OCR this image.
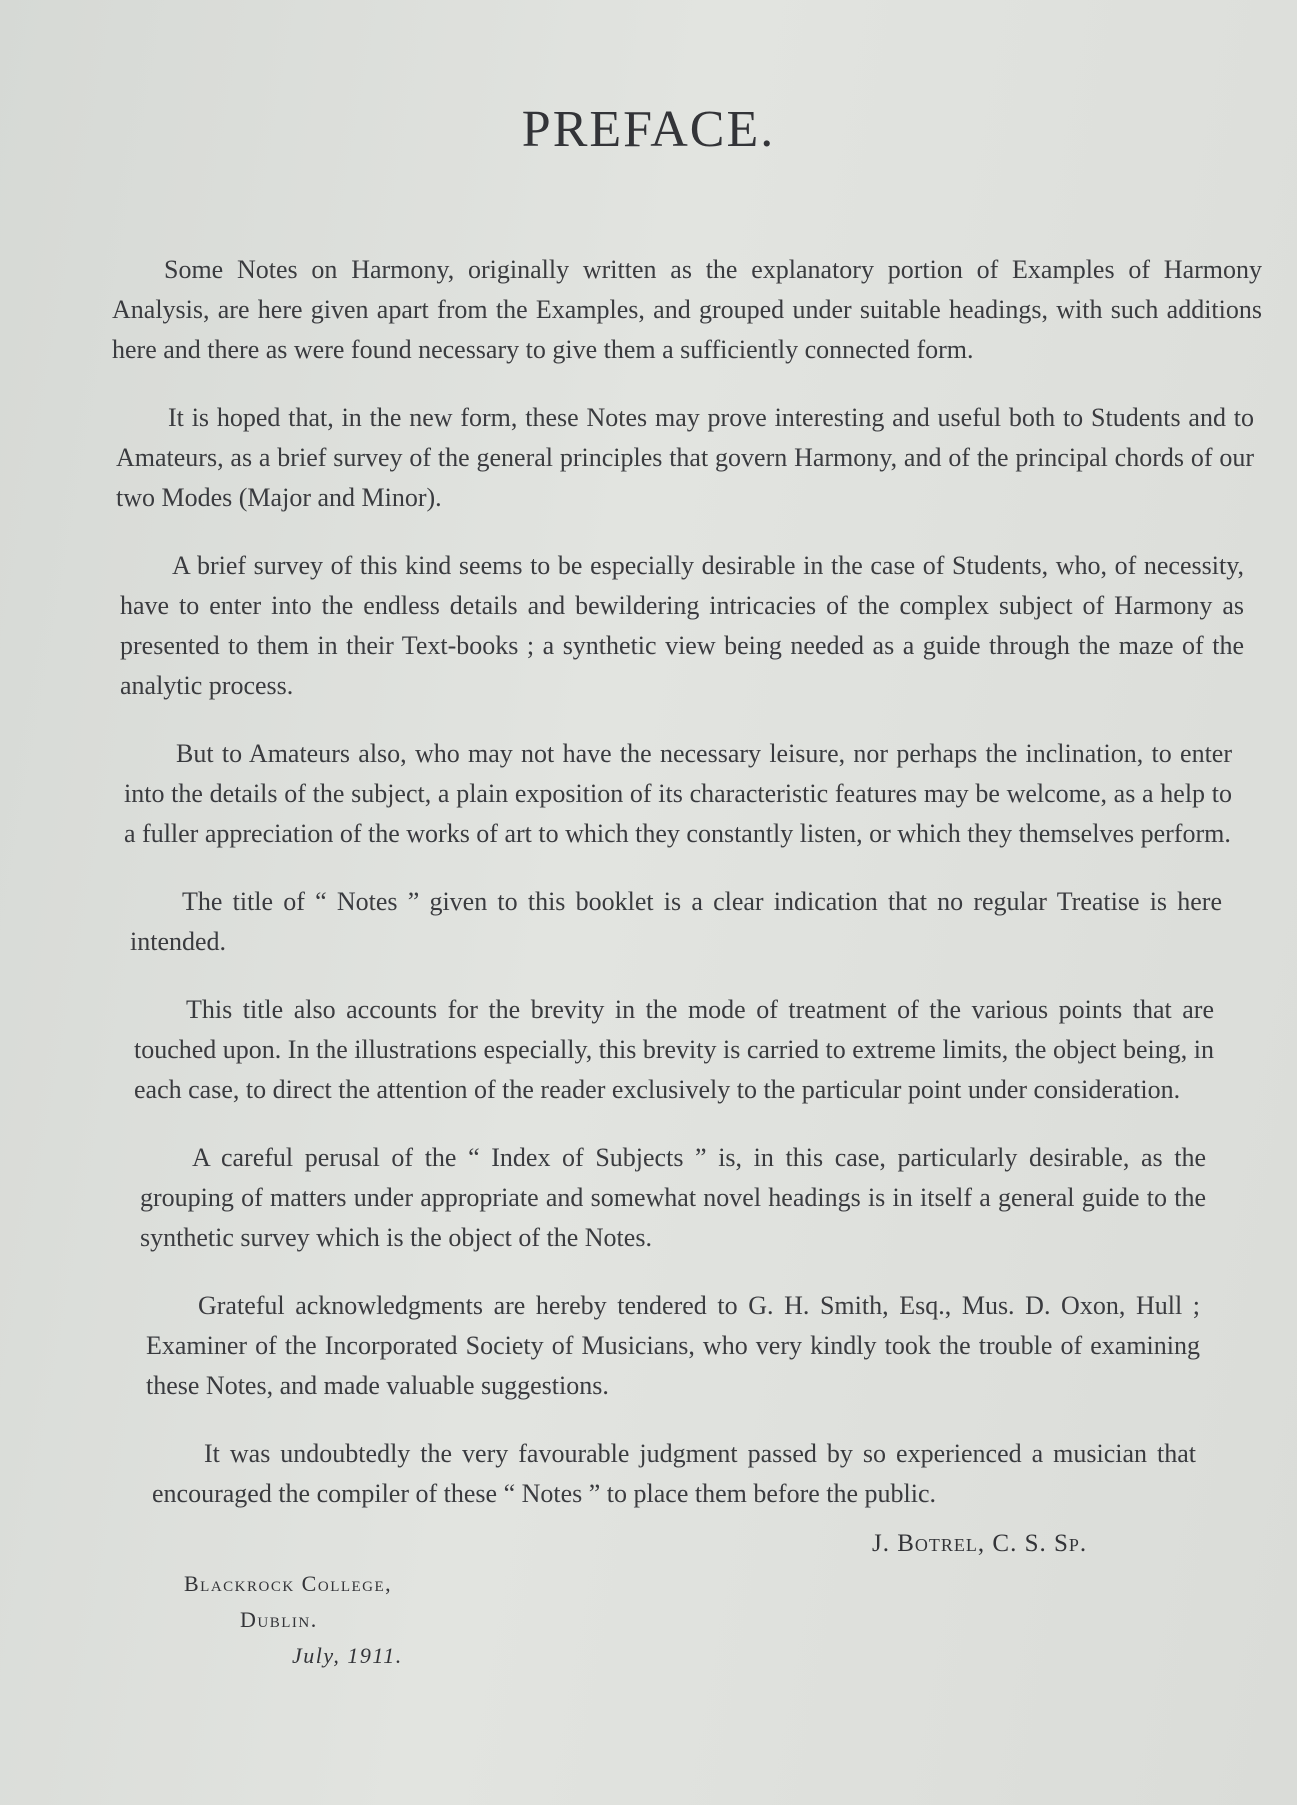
PREFACE.

Some Notes on Harmony, originally written as the explanatory portion of Examples of Harmony Analysis, are here given apart from the Examples, and grouped under suitable headings, with such additions here and there as were found necessary to give them a sufficiently connected form.

It is hoped that, in the new form, these Notes may prove interesting and useful both to Students and to Amateurs, as a brief survey of the general principles that govern Harmony, and of the principal chords of our two Modes (Major and Minor).

A brief survey of this kind seems to be especially desirable in the case of Students, who, of necessity, have to enter into the endless details and bewildering intricacies of the complex subject of Harmony as presented to them in their Text-books ; a synthetic view being needed as a guide through the maze of the analytic process.

But to Amateurs also, who may not have the necessary leisure, nor perhaps the inclination, to enter into the details of the subject, a plain exposition of its characteristic features may be welcome, as a help to a fuller appreciation of the works of art to which they constantly listen, or which they themselves perform.

The title of “ Notes ” given to this booklet is a clear indication that no regular Treatise is here intended.

This title also accounts for the brevity in the mode of treatment of the various points that are touched upon. In the illustrations especially, this brevity is carried to extreme limits, the object being, in each case, to direct the attention of the reader exclusively to the particular point under consideration.

A careful perusal of the “ Index of Subjects ” is, in this case, particularly desirable, as the grouping of matters under appropriate and somewhat novel headings is in itself a general guide to the synthetic survey which is the object of the Notes.

Grateful acknowledgments are hereby tendered to G. H. Smith, Esq., Mus. D. Oxon, Hull ; Examiner of the Incorporated Society of Musicians, who very kindly took the trouble of examining these Notes, and made valuable suggestions.

It was undoubtedly the very favourable judgment passed by so experienced a musician that encouraged the compiler of these “ Notes ” to place them before the public.

J. Botrel, C. S. Sp.
Blackrock College,
Dublin.
July, 1911.
